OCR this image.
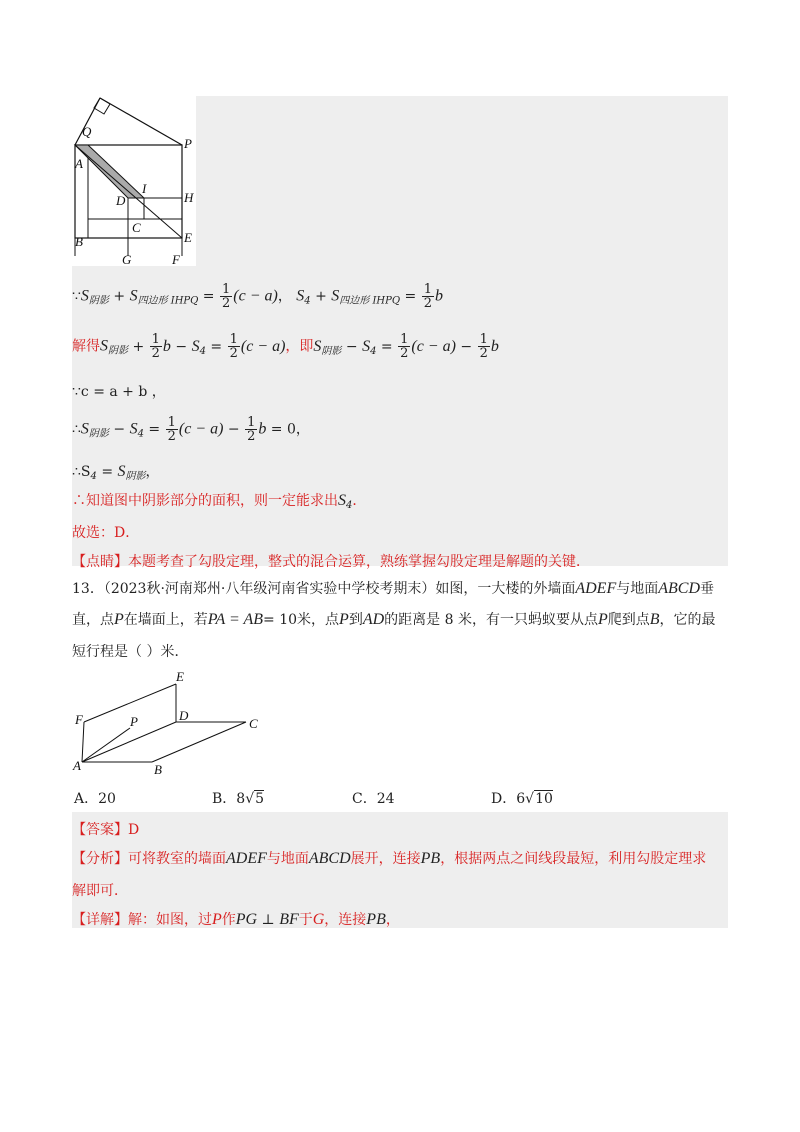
Q
P
A
I
H
D
B
C
E
G	F
$\because S_{阴影} + S_{四边形 IHPQ} = \frac{1}{2} (c - a)$， $S_4 + S_{四边形 IHPQ} = \frac{1}{2}$ b
解得$S_{阴影} + \frac{1}{2}$ $b - S_4 = \frac{1}{2} (c - a)$，即$S_{阴影} - S_4 = \frac{1}{2} (c - a) - \frac{1}{2}$ b
∵c = a + b ，
$\therefore S_{阴影} - S_4 = \frac{1}{2} (c - a) - \frac{1}{2}$ b = 0，
$\therefore S_4 = S_{阴影}$，
∴知道图中阴影部分的面积，则一定能求出$S_4$．
故选：D．
【点睛】本题考查了勾股定理，整式的混合运算，熟练掌握勾股定理是解题的关键．
13．（2023秋·河南郑州·八年级河南省实验中学校考期末）如图，一大楼的外墙面ADEF与地面ABCD垂
直，点P在墙面上，若PA = AB= 10米，点P到AD的距离是 8 米，有一只蚂蚁要从点P爬到点B，它的最
短行程是（ ）米．
E
F	P	D
C
A	B
A．20	B．8√5	C．24	D．6√10
【答案】D
【分析】可将教室的墙面ADEF与地面ABCD展开，连接PB，根据两点之间线段最短，利用勾股定理求
解即可．
【详解】解：如图，过P作PG ⊥ BF于G，连接PB，
